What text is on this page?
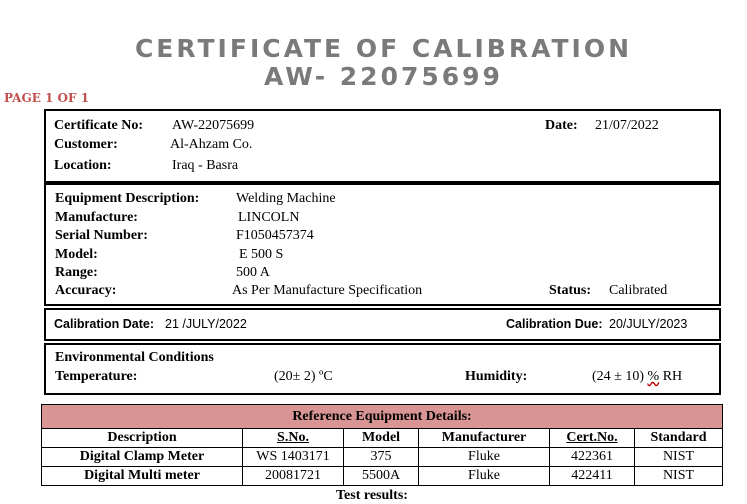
CERTIFICATE OF CALIBRATION
AW- 22075699
PAGE 1 OF 1
Certificate No: AW-22075699	Date: 21/07/2022
Customer:	Al-Ahzam Co.
Location:	Iraq - Basra
Equipment Description:	Welding Machine
Manufacture:	LINCOLN
Serial Number:	F1050457374
Model:	E 500 S
Range:	500 A
Accuracy:	As Per Manufacture Specification	Status: Calibrated
Calibration Date: 21 /JULY/2022	Calibration Due: 20/JULY/2023
Environmental Conditions
Temperature:	(20± 2) ºC	Humidity:	(24 ± 10) % RH
Reference Equipment Details:					
Description	S.No.	Model	Manufacturer	Cert.No.	Standard
Digital Clamp Meter	WS 1403171	375	Fluke	422361	NIST
Digital Multi meter	20081721	5500A	Fluke	422411	NIST
Test results:
